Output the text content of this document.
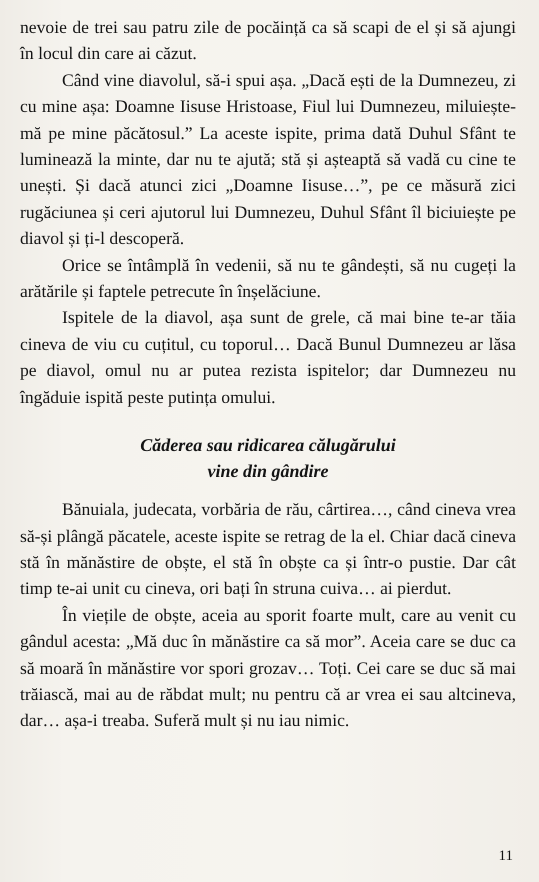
nevoie de trei sau patru zile de pocăință ca să scapi de el și să ajungi în locul din care ai căzut.

Când vine diavolul, să-i spui așa. „Dacă ești de la Dumnezeu, zi cu mine așa: Doamne Iisuse Hristoase, Fiul lui Dumnezeu, miluiește-mă pe mine păcătosul.” La aceste ispite, prima dată Duhul Sfânt te luminează la minte, dar nu te ajută; stă și așteaptă să vadă cu cine te unești. Și dacă atunci zici „Doamne Iisuse…”, pe ce măsură zici rugăciunea și ceri ajutorul lui Dumnezeu, Duhul Sfânt îl biciuiește pe diavol și ți-l descoperă.

Orice se întâmplă în vedenii, să nu te gândești, să nu cugeți la arătările și faptele petrecute în înșelăciune.

Ispitele de la diavol, așa sunt de grele, că mai bine te-ar tăia cineva de viu cu cuțitul, cu toporul… Dacă Bunul Dumnezeu ar lăsa pe diavol, omul nu ar putea rezista ispitelor; dar Dumnezeu nu îngăduie ispită peste putința omului.

Căderea sau ridicarea călugărului
vine din gândire

Bănuiala, judecata, vorbăria de rău, cârtirea…, când cineva vrea să-și plângă păcatele, aceste ispite se retrag de la el. Chiar dacă cineva stă în mănăstire de obște, el stă în obște ca și într-o pustie. Dar cât timp te-ai unit cu cineva, ori bați în struna cuiva… ai pierdut.

În viețile de obște, aceia au sporit foarte mult, care au venit cu gândul acesta: „Mă duc în mănăstire ca să mor”. Aceia care se duc ca să moară în mănăstire vor spori grozav… Toți. Cei care se duc să mai trăiască, mai au de răbdat mult; nu pentru că ar vrea ei sau altcineva, dar… așa-i treaba. Suferă mult și nu iau nimic.

11
